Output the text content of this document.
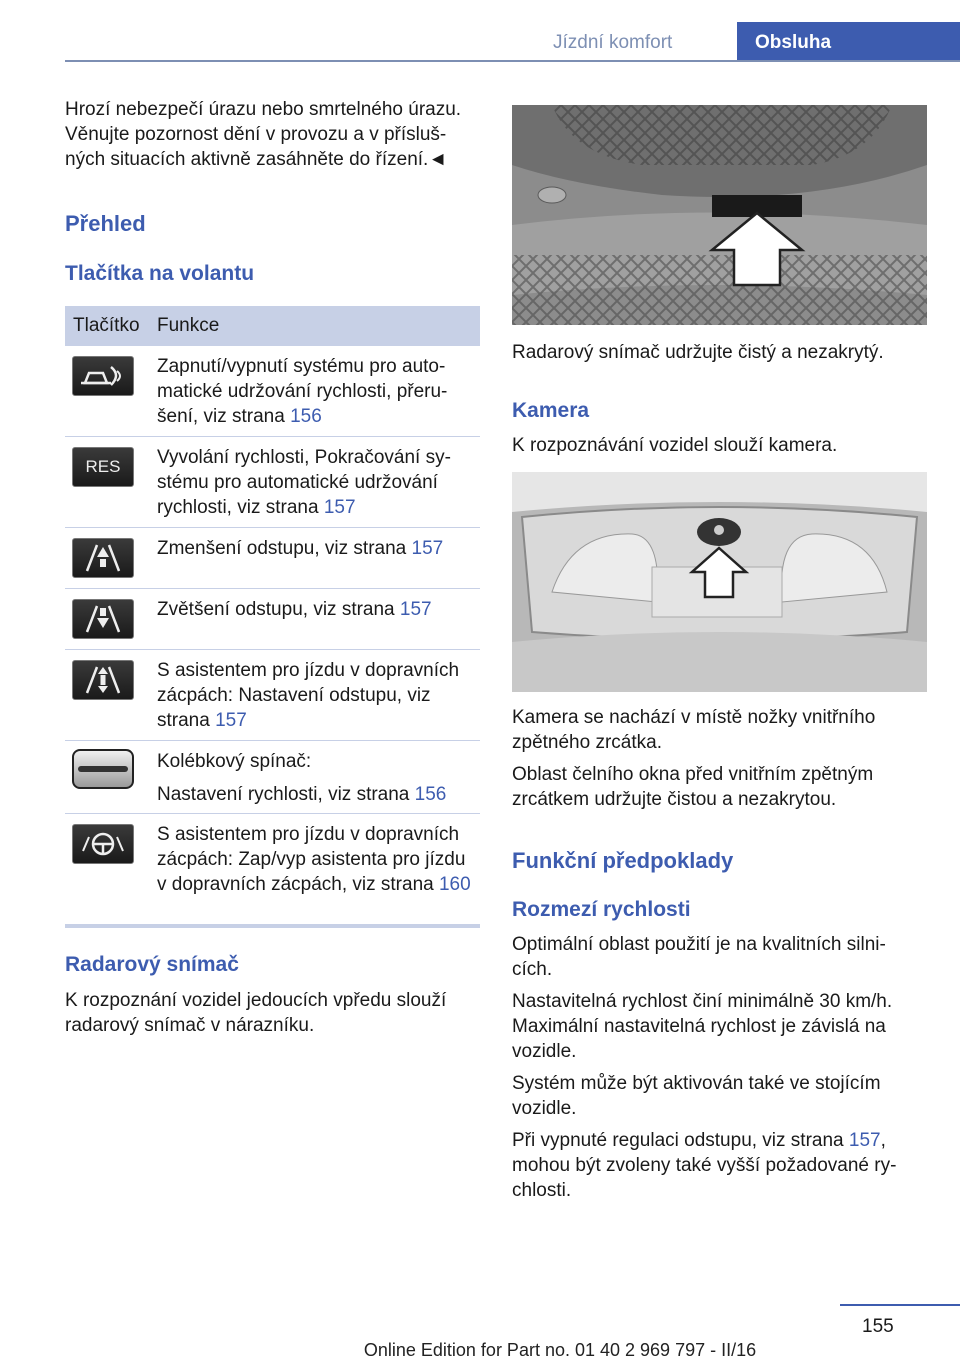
Jízdní komfort	Obsluha
Hrozí nebezpečí úrazu nebo smrtelného úrazu. Věnujte pozornost dění v provozu a v přísluš- ných situacích aktivně zasáhněte do řízení.◄
Přehled
Tlačítka na volantu
Tlačítko Funkce
Zapnutí/vypnutí systému pro auto- matické udržování rychlosti, přeru- šení, viz strana 156
RES	Vyvolání rychlosti, Pokračování sy- stému pro automatické udržování rychlosti, viz strana 157
Zmenšení odstupu, viz strana 157
Zvětšení odstupu, viz strana 157
S asistentem pro jízdu v dopravních zácpách: Nastavení odstupu, viz strana 157
Kolébkový spínač:
Nastavení rychlosti, viz strana 156
S asistentem pro jízdu v dopravních zácpách: Zap/vyp asistenta pro jízdu v dopravních zácpách, viz strana 160
Radarový snímač
K rozpoznání vozidel jedoucích vpředu slouží radarový snímač v nárazníku.
Radarový snímač udržujte čistý a nezakrytý.
Kamera
K rozpoznávání vozidel slouží kamera.
Kamera se nachází v místě nožky vnitřního zpětného zrcátka.
Oblast čelního okna před vnitřním zpětným zrcátkem udržujte čistou a nezakrytou.
Funkční předpoklady
Rozmezí rychlosti
Optimální oblast použití je na kvalitních silni- cích.
Nastavitelná rychlost činí minimálně 30 km/h. Maximální nastavitelná rychlost je závislá na vozidle.
Systém může být aktivován také ve stojícím vozidle.
Při vypnuté regulaci odstupu, viz strana 157, mohou být zvoleny také vyšší požadované ry- chlosti.
155
Online Edition for Part no. 01 40 2 969 797 - II/16
